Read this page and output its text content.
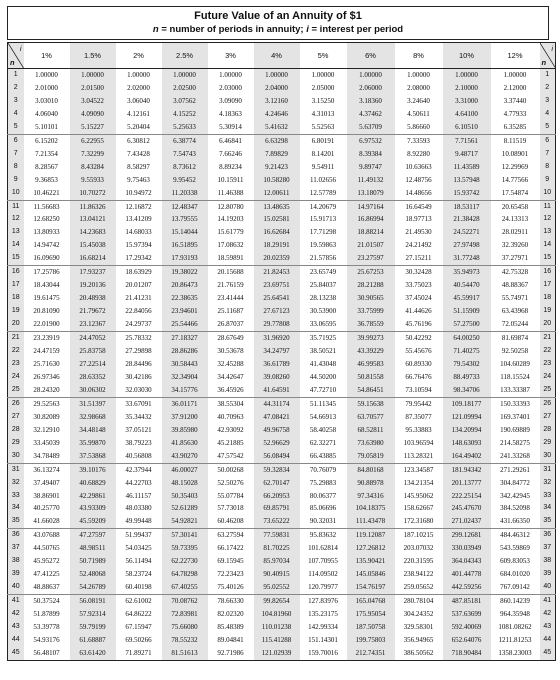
Future Value of an Annuity of $1
n = number of periods in annuity; i = interest per period
i
n	1%	1.5%	2%	2.5%	3%	4%	5%	6%	8%	10%	12%	i
n

1	1.00000	1.00000	1.00000	1.00000	1.00000	1.00000	1.00000	1.00000	1.00000	1.00000	1.00000	1
2	2.01000	2.01500	2.02000	2.02500	2.03000	2.04000	2.05000	2.06000	2.08000	2.10000	2.12000	2
3	3.03010	3.04522	3.06040	3.07562	3.09090	3.12160	3.15250	3.18360	3.24640	3.31000	3.37440	3
4	4.06040	4.09090	4.12161	4.15252	4.18363	4.24646	4.31013	4.37462	4.50611	4.64100	4.77933	4
5	5.10101	5.15227	5.20404	5.25633	5.30914	5.41632	5.52563	5.63709	5.86660	6.10510	6.35285	5
6	6.15202	6.22955	6.30812	6.38774	6.46841	6.63298	6.80191	6.97532	7.33593	7.71561	8.11519	6
7	7.21354	7.32299	7.43428	7.54743	7.66246	7.89829	8.14201	8.39384	8.92280	9.48717	10.08901	7
8	8.28567	8.43284	8.58297	8.73612	8.89234	9.21423	9.54911	9.89747	10.63663	11.43589	12.29969	8
9	9.36853	9.55933	9.75463	9.95452	10.15911	10.58280	11.02656	11.49132	12.48756	13.57948	14.77566	9
10	10.46221	10.70272	10.94972	11.20338	11.46388	12.00611	12.57789	13.18079	14.48656	15.93742	17.54874	10
11	11.56683	11.86326	12.16872	12.48347	12.80780	13.48635	14.20679	14.97164	16.64549	18.53117	20.65458	11
12	12.68250	13.04121	13.41209	13.79555	14.19203	15.02581	15.91713	16.86994	18.97713	21.38428	24.13313	12
13	13.80933	14.23683	14.68033	15.14044	15.61779	16.62684	17.71298	18.88214	21.49530	24.52271	28.02911	13
14	14.94742	15.45038	15.97394	16.51895	17.08632	18.29191	19.59863	21.01507	24.21492	27.97498	32.39260	14
15	16.09690	16.68214	17.29342	17.93193	18.59891	20.02359	21.57856	23.27597	27.15211	31.77248	37.27971	15
16	17.25786	17.93237	18.63929	19.38022	20.15688	21.82453	23.65749	25.67253	30.32428	35.94973	42.75328	16
17	18.43044	19.20136	20.01207	20.86473	21.76159	23.69751	25.84037	28.21288	33.75023	40.54470	48.88367	17
18	19.61475	20.48938	21.41231	22.38635	23.41444	25.64541	28.13238	30.90565	37.45024	45.59917	55.74971	18
19	20.81090	21.79672	22.84056	23.94601	25.11687	27.67123	30.53900	33.75999	41.44626	51.15909	63.43968	19
20	22.01900	23.12367	24.29737	25.54466	26.87037	29.77808	33.06595	36.78559	45.76196	57.27500	72.05244	20
21	23.23919	24.47052	25.78332	27.18327	28.67649	31.96920	35.71925	39.99273	50.42292	64.00250	81.69874	21
22	24.47159	25.83758	27.29898	28.86286	30.53678	34.24797	38.50521	43.39229	55.45676	71.40275	92.50258	22
23	25.71630	27.22514	28.84496	30.58443	32.45288	36.61789	41.43048	46.99583	60.89330	79.54302	104.60289	23
24	26.97346	28.63352	30.42186	32.34904	34.42647	39.08260	44.50200	50.81558	66.76476	88.49733	118.15524	24
25	28.24320	30.06302	32.03030	34.15776	36.45926	41.64591	47.72710	54.86451	73.10594	98.34706	133.33387	25
26	29.52563	31.51397	33.67091	36.01171	38.55304	44.31174	51.11345	59.15638	79.95442	109.18177	150.33393	26
27	30.82089	32.98668	35.34432	37.91200	40.70963	47.08421	54.66913	63.70577	87.35077	121.09994	169.37401	27
28	32.12910	34.48148	37.05121	39.85980	42.93092	49.96758	58.40258	68.52811	95.33883	134.20994	190.69889	28
29	33.45039	35.99870	38.79223	41.85630	45.21885	52.96629	62.32271	73.63980	103.96594	148.63093	214.58275	29
30	34.78489	37.53868	40.56808	43.90270	47.57542	56.08494	66.43885	79.05819	113.28321	164.49402	241.33268	30
31	36.13274	39.10176	42.37944	46.00027	50.00268	59.32834	70.76079	84.80168	123.34587	181.94342	271.29261	31
32	37.49407	40.68829	44.22703	48.15028	52.50276	62.70147	75.29883	90.88978	134.21354	201.13777	304.84772	32
33	38.86901	42.29861	46.11157	50.35403	55.07784	66.20953	80.06377	97.34316	145.95062	222.25154	342.42945	33
34	40.25770	43.93309	48.03380	52.61289	57.73018	69.85791	85.06696	104.18375	158.62667	245.47670	384.52098	34
35	41.66028	45.59209	49.99448	54.92821	60.46208	73.65222	90.32031	111.43478	172.31680	271.02437	431.66350	35
36	43.07688	47.27597	51.99437	57.30141	63.27594	77.59831	95.83632	119.12087	187.10215	299.12681	484.46312	36
37	44.50765	48.98511	54.03425	59.73395	66.17422	81.70225	101.62814	127.26812	203.07032	330.03949	543.59869	37
38	45.95272	50.71989	56.11494	62.22730	69.15945	85.97034	107.70955	135.90421	220.31595	364.04343	609.83053	38
39	47.41225	52.48068	58.23724	64.78298	72.23423	90.40915	114.09502	145.05846	238.94122	401.44778	684.01020	39
40	48.88637	54.26789	60.40198	67.40255	75.40126	95.02552	120.79977	154.76197	259.05652	442.59256	767.09142	40
41	50.37524	56.08191	62.61002	70.08762	78.66330	99.82654	127.83976	165.04768	280.78104	487.85181	860.14239	41
42	51.87899	57.92314	64.86222	72.83981	82.02320	104.81960	135.23175	175.95054	304.24352	537.63699	964.35948	42
43	53.39778	59.79199	67.15947	75.66080	85.48389	110.01238	142.99334	187.50758	329.58301	592.40069	1081.08262	43
44	54.93176	61.68887	69.50266	78.55232	89.04841	115.41288	151.14301	199.75803	356.94965	652.64076	1211.81253	44
45	56.48107	63.61420	71.89271	81.51613	92.71986	121.02939	159.70016	212.74351	386.50562	718.90484	1358.23003	45
